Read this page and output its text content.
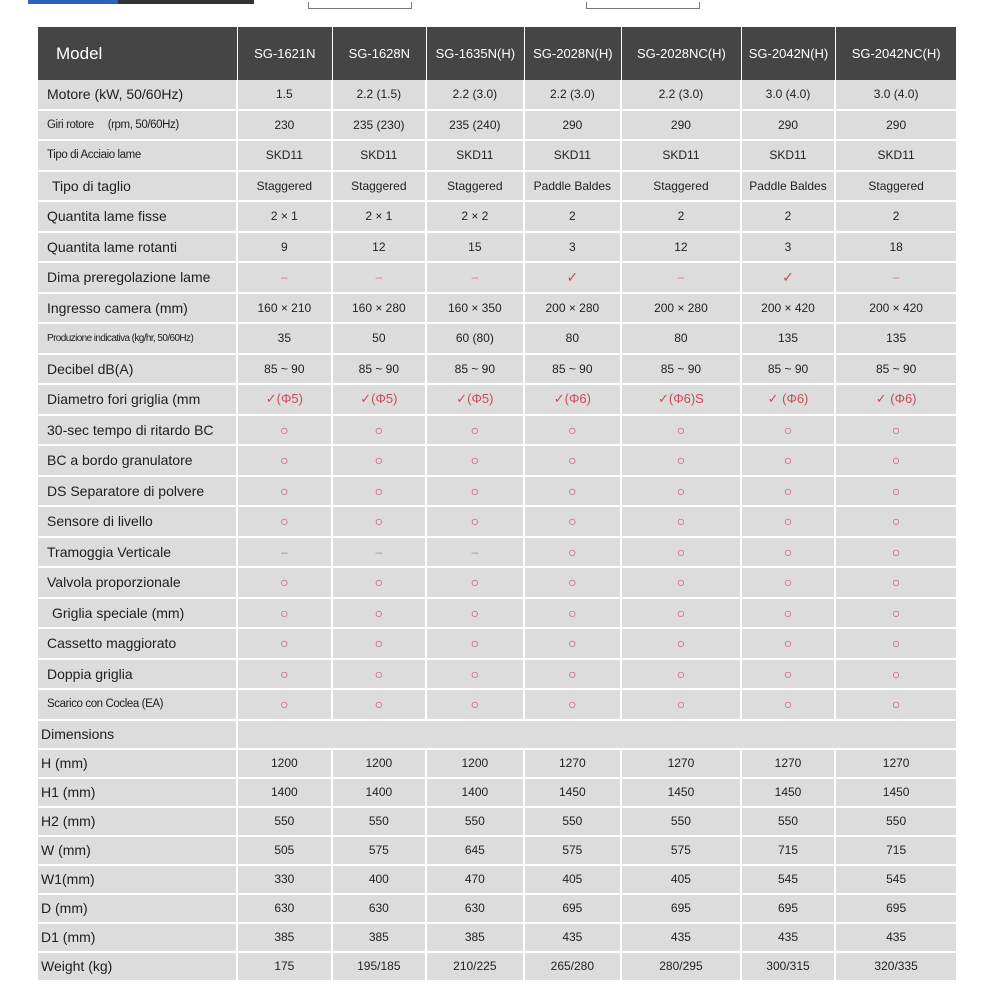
Model	SG-1621N	SG-1628N	SG-1635N(H)	SG-2028N(H)	SG-2028NC(H)	SG-2042N(H)	SG-2042NC(H)
Motore (kW, 50/60Hz)	1.5	2.2 (1.5)	2.2 (3.0)	2.2 (3.0)	2.2 (3.0)	3.0 (4.0)	3.0 (4.0)
Giri rotore     (rpm, 50/60Hz)	230	235 (230)	235 (240)	290	290	290	290
Tipo di Acciaio lame	SKD11	SKD11	SKD11	SKD11	SKD11	SKD11	SKD11
Tipo di taglio	Staggered	Staggered	Staggered	Paddle Baldes	Staggered	Paddle Baldes	Staggered
Quantita lame fisse	2 × 1	2 × 1	2 × 2	2	2	2	2
Quantita lame rotanti	9	12	15	3	12	3	18
Dima preregolazione lame	–	–	–	✓	–	✓	–
Ingresso camera (mm)	160 × 210	160 × 280	160 × 350	200 × 280	200 × 280	200 × 420	200 × 420
Produzione indicativa (kg/hr, 50/60Hz)	35	50	60 (80)	80	80	135	135
Decibel dB(A)	85 ~ 90	85 ~ 90	85 ~ 90	85 ~ 90	85 ~ 90	85 ~ 90	85 ~ 90
Diametro fori griglia (mm	✓(Φ5)	✓(Φ5)	✓(Φ5)	✓(Φ6)	✓(Φ6)S	✓ (Φ6)	✓ (Φ6)
30-sec tempo di ritardo BC	○	○	○	○	○	○	○
BC a bordo granulatore	○	○	○	○	○	○	○
DS Separatore di polvere	○	○	○	○	○	○	○
Sensore di livello	○	○	○	○	○	○	○
Tramoggia Verticale	–	–	–	○	○	○	○
Valvola proporzionale	○	○	○	○	○	○	○
Griglia speciale (mm)	○	○	○	○	○	○	○
Cassetto maggiorato	○	○	○	○	○	○	○
Doppia griglia	○	○	○	○	○	○	○
Scarico con Coclea (EA)	○	○	○	○	○	○	○
Dimensions							
H (mm)	1200	1200	1200	1270	1270	1270	1270
H1 (mm)	1400	1400	1400	1450	1450	1450	1450
H2 (mm)	550	550	550	550	550	550	550
W (mm)	505	575	645	575	575	715	715
W1(mm)	330	400	470	405	405	545	545
D (mm)	630	630	630	695	695	695	695
D1 (mm)	385	385	385	435	435	435	435
Weight (kg)	175	195/185	210/225	265/280	280/295	300/315	320/335
